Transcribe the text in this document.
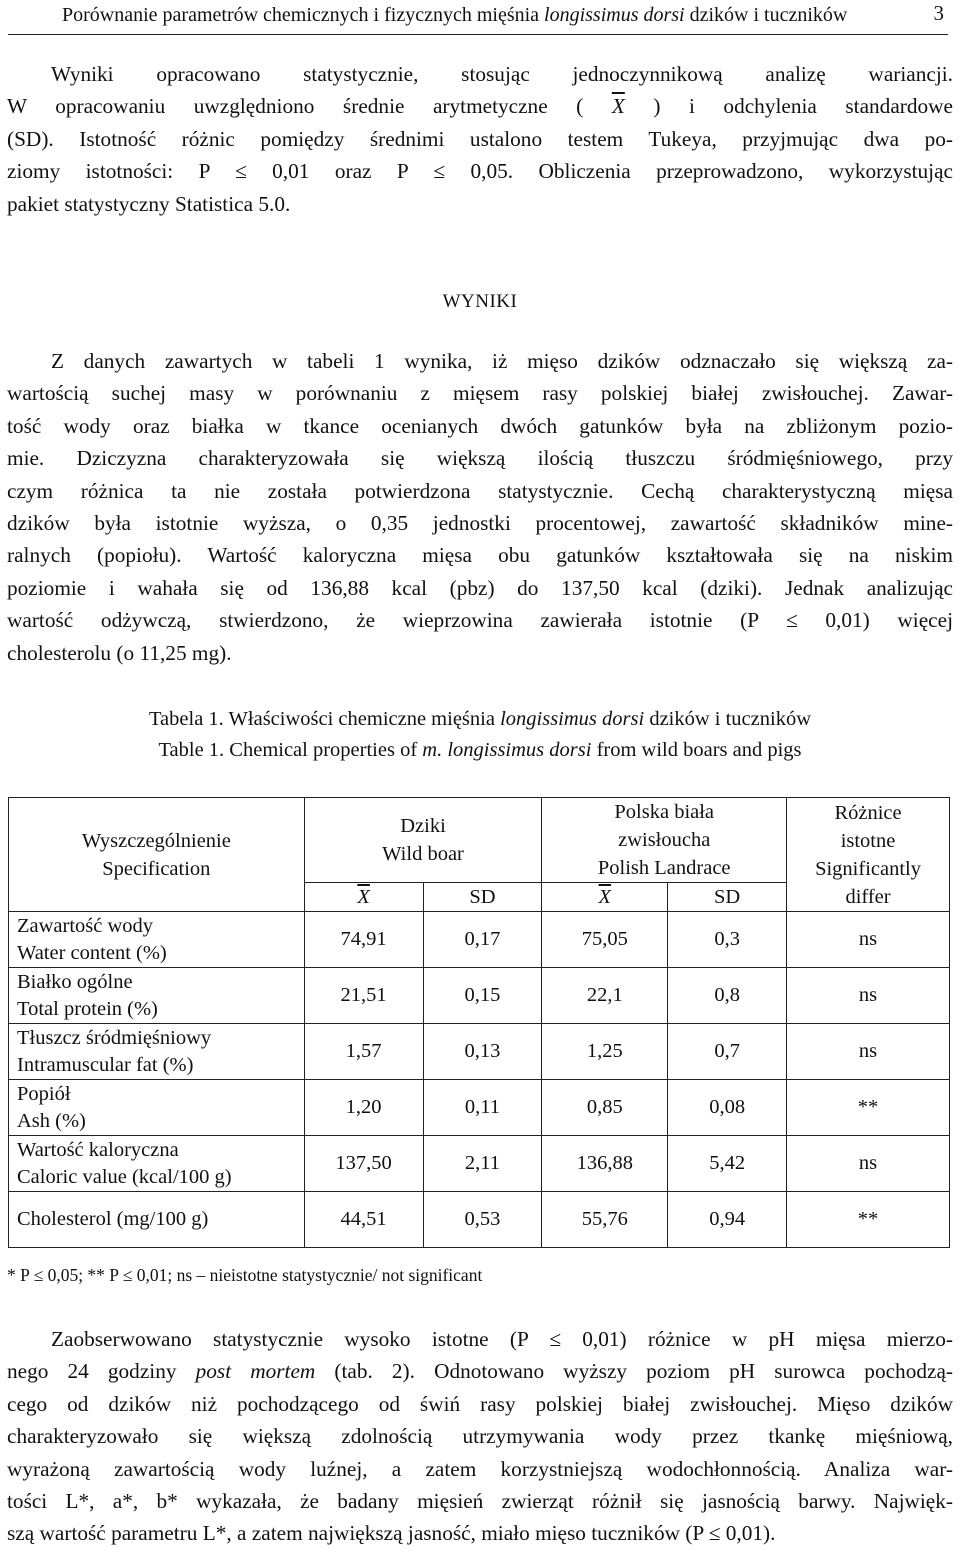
Porównanie parametrów chemicznych i fizycznych mięśnia longissimus dorsi dzików i tuczników	3

Wyniki opracowano statystycznie, stosując jednoczynnikową analizę wariancji.
W opracowaniu uwzględniono średnie arytmetyczne ( $\overline{X}$ ) i odchylenia standardowe
(SD). Istotność różnic pomiędzy średnimi ustalono testem Tukeya, przyjmując dwa po-
ziomy istotności: P ≤ 0,01 oraz P ≤ 0,05. Obliczenia przeprowadzono, wykorzystując
pakiet statystyczny Statistica 5.0.

WYNIKI

Z danych zawartych w tabeli 1 wynika, iż mięso dzików odznaczało się większą za-
wartością suchej masy w porównaniu z mięsem rasy polskiej białej zwisłouchej. Zawar-
tość wody oraz białka w tkance ocenianych dwóch gatunków była na zbliżonym pozio-
mie. Dziczyzna charakteryzowała się większą ilością tłuszczu śródmięśniowego, przy
czym różnica ta nie została potwierdzona statystycznie. Cechą charakterystyczną mięsa
dzików była istotnie wyższa, o 0,35 jednostki procentowej, zawartość składników mine-
ralnych (popiołu). Wartość kaloryczna mięsa obu gatunków kształtowała się na niskim
poziomie i wahała się od 136,88 kcal (pbz) do 137,50 kcal (dziki). Jednak analizując
wartość odżywczą, stwierdzono, że wieprzowina zawierała istotnie (P ≤ 0,01) więcej
cholesterolu (o 11,25 mg).

Tabela 1. Właściwości chemiczne mięśnia longissimus dorsi dzików i tuczników
Table 1. Chemical properties of m. longissimus dorsi from wild boars and pigs
Wyszczególnienie
Specification	Dziki
Wild boar		Polska biała
zwisłoucha
Polish Landrace		Różnice
istotne
Significantly
differ
	$\overline{X}$	SD	$\overline{X}$	SD	
Zawartość wody
Water content (%)	74,91	0,17	75,05	0,3	ns
Białko ogólne
Total protein (%)	21,51	0,15	22,1	0,8	ns
Tłuszcz śródmięśniowy
Intramuscular fat (%)	1,57	0,13	1,25	0,7	ns
Popiół
Ash (%)	1,20	0,11	0,85	0,08	**
Wartość kaloryczna
Caloric value (kcal/100 g)	137,50	2,11	136,88	5,42	ns
Cholesterol (mg/100 g)	44,51	0,53	55,76	0,94	**
* P ≤ 0,05; ** P ≤ 0,01; ns – nieistotne statystycznie/ not significant

Zaobserwowano statystycznie wysoko istotne (P ≤ 0,01) różnice w pH mięsa mierzo-
nego 24 godziny post mortem (tab. 2). Odnotowano wyższy poziom pH surowca pochodzą-
cego od dzików niż pochodzącego od świń rasy polskiej białej zwisłouchej. Mięso dzików
charakteryzowało się większą zdolnością utrzymywania wody przez tkankę mięśniową,
wyrażoną zawartością wody luźnej, a zatem korzystniejszą wodochłonnością. Analiza war-
tości L*, a*, b* wykazała, że badany mięsień zwierząt różnił się jasnością barwy. Najwięk-
szą wartość parametru L*, a zatem największą jasność, miało mięso tuczników (P ≤ 0,01).
